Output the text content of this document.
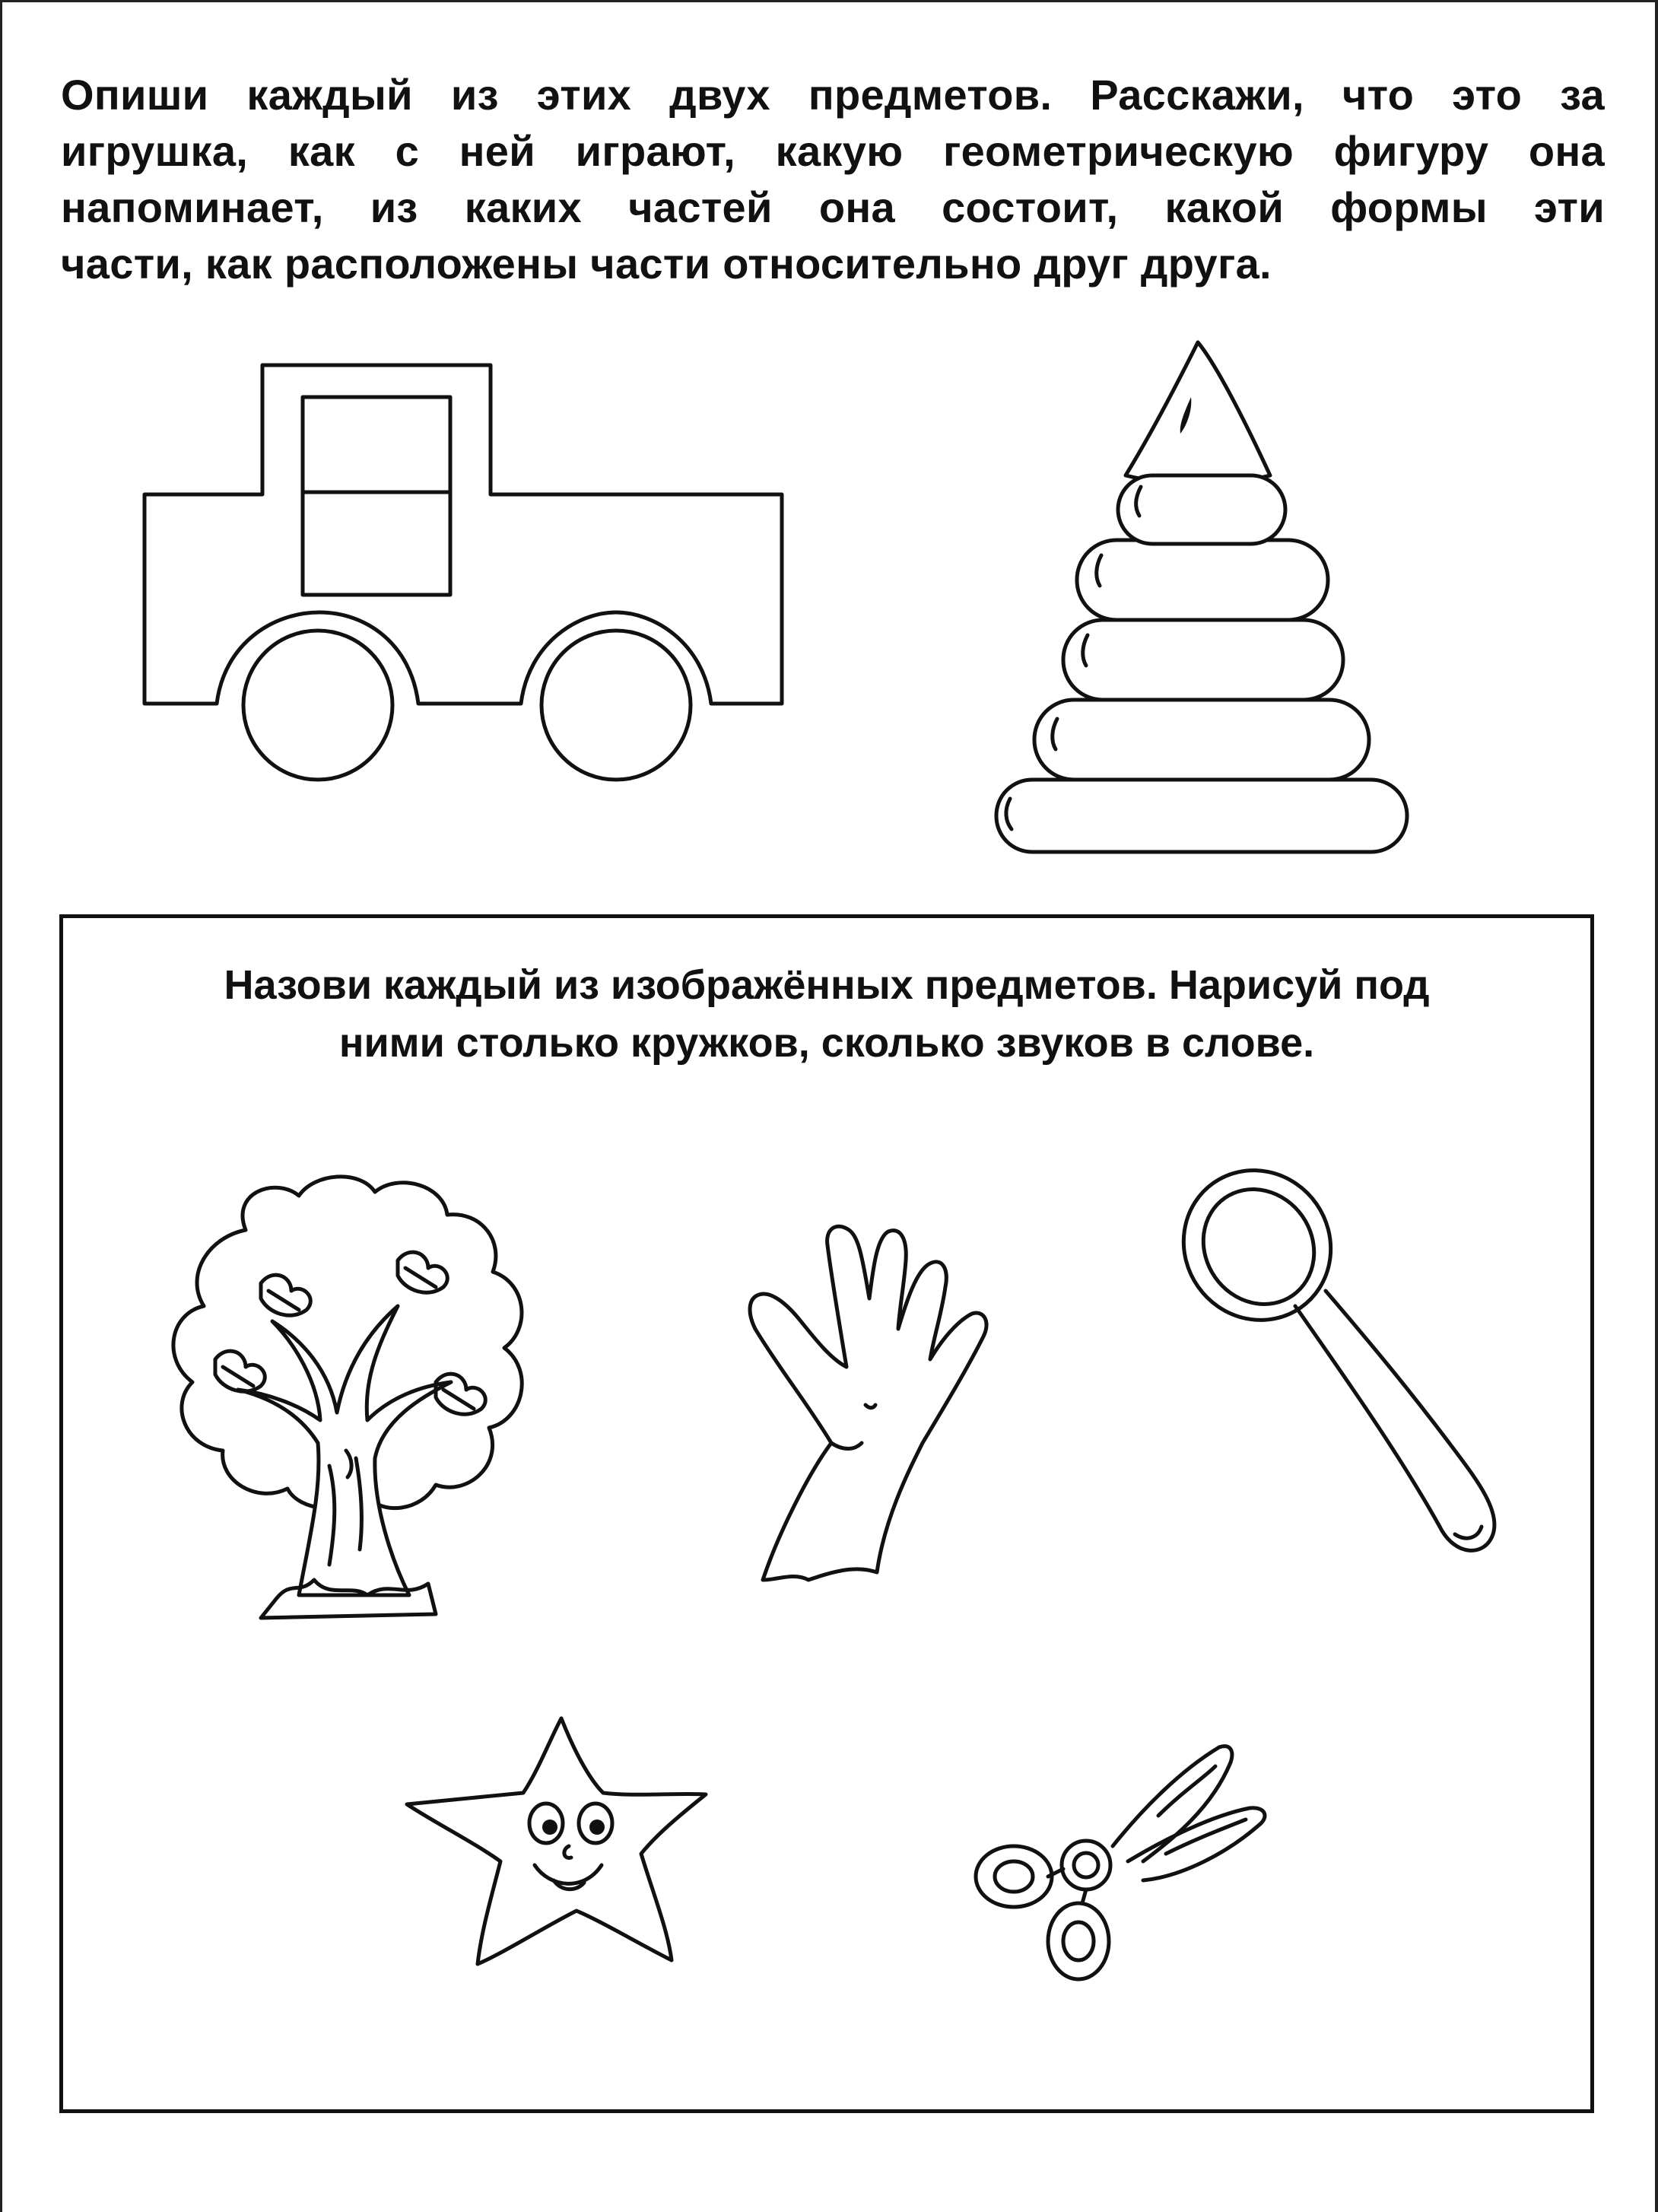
Опиши каждый из этих двух предметов. Расскажи, что это за
игрушка, как с ней играют, какую геометрическую фигуру она
напоминает, из каких частей она состоит, какой формы эти
части, как расположены части относительно друг друга.
Назови каждый из изображённых предметов. Нарисуй под
ними столько кружков, сколько звуков в слове.
